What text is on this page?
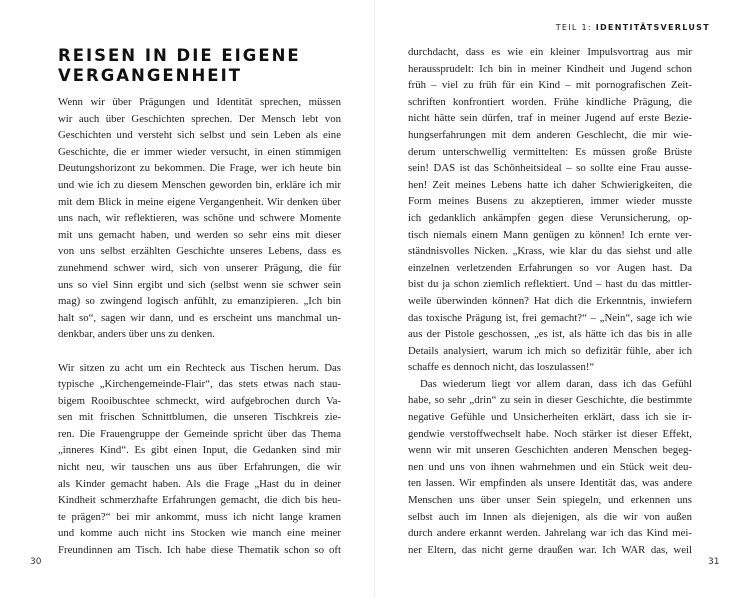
REISEN IN DIE EIGENE
VERGANGENHEIT
Wenn wir über Prägungen und Identität sprechen, müssen
wir auch über Geschichten sprechen. Der Mensch lebt von
Geschichten und versteht sich selbst und sein Leben als eine
Geschichte, die er immer wieder versucht, in einen stimmigen
Deutungshorizont zu bekommen. Die Frage, wer ich heute bin
und wie ich zu diesem Menschen geworden bin, erkläre ich mir
mit dem Blick in meine eigene Vergangenheit. Wir denken über
uns nach, wir reflektieren, was schöne und schwere Momente
mit uns gemacht haben, und werden so sehr eins mit dieser
von uns selbst erzählten Geschichte unseres Lebens, dass es
zunehmend schwer wird, sich von unserer Prägung, die für
uns so viel Sinn ergibt und sich (selbst wenn sie schwer sein
mag) so zwingend logisch anfühlt, zu emanzipieren. „Ich bin
halt so“, sagen wir dann, und es erscheint uns manchmal un-
denkbar, anders über uns zu denken.
Wir sitzen zu acht um ein Rechteck aus Tischen herum. Das
typische „Kirchengemeinde-Flair“, das stets etwas nach stau-
bigem Rooibuschtee schmeckt, wird aufgebrochen durch Va-
sen mit frischen Schnittblumen, die unseren Tischkreis zie-
ren. Die Frauengruppe der Gemeinde spricht über das Thema
„inneres Kind“. Es gibt einen Input, die Gedanken sind mir
nicht neu, wir tauschen uns aus über Erfahrungen, die wir
als Kinder gemacht haben. Als die Frage „Hast du in deiner
Kindheit schmerzhafte Erfahrungen gemacht, die dich bis heu-
te prägen?“ bei mir ankommt, muss ich nicht lange kramen
und komme auch nicht ins Stocken wie manch eine meiner
Freundinnen am Tisch. Ich habe diese Thematik schon so oft
30
TEIL 1: IDENTITÄTSVERLUST
durchdacht, dass es wie ein kleiner Impulsvortrag aus mir
heraussprudelt: Ich bin in meiner Kindheit und Jugend schon
früh – viel zu früh für ein Kind – mit pornografischen Zeit-
schriften konfrontiert worden. Frühe kindliche Prägung, die
nicht hätte sein dürfen, traf in meiner Jugend auf erste Bezie-
hungserfahrungen mit dem anderen Geschlecht, die mir wie-
derum unterschwellig vermittelten: Es müssen große Brüste
sein! DAS ist das Schönheitsideal – so sollte eine Frau ausse-
hen! Zeit meines Lebens hatte ich daher Schwierigkeiten, die
Form meines Busens zu akzeptieren, immer wieder musste
ich gedanklich ankämpfen gegen diese Verunsicherung, op-
tisch niemals einem Mann genügen zu können! Ich ernte ver-
ständnisvolles Nicken. „Krass, wie klar du das siehst und alle
einzelnen verletzenden Erfahrungen so vor Augen hast. Da
bist du ja schon ziemlich reflektiert. Und – hast du das mittler-
weile überwinden können? Hat dich die Erkenntnis, inwiefern
das toxische Prägung ist, frei gemacht?“ – „Nein“, sage ich wie
aus der Pistole geschossen, „es ist, als hätte ich das bis in alle
Details analysiert, warum ich mich so defizitär fühle, aber ich
schaffe es dennoch nicht, das loszulassen!“
Das wiederum liegt vor allem daran, dass ich das Gefühl
habe, so sehr „drin“ zu sein in dieser Geschichte, die bestimmte
negative Gefühle und Unsicherheiten erklärt, dass ich sie ir-
gendwie verstoffwechselt habe. Noch stärker ist dieser Effekt,
wenn wir mit unseren Geschichten anderen Menschen begeg-
nen und uns von ihnen wahrnehmen und ein Stück weit deu-
ten lassen. Wir empfinden als unsere Identität das, was andere
Menschen uns über unser Sein spiegeln, und erkennen uns
selbst auch im Innen als diejenigen, als die wir von außen
durch andere erkannt werden. Jahrelang war ich das Kind mei-
ner Eltern, das nicht gerne draußen war. Ich WAR das, weil
31
